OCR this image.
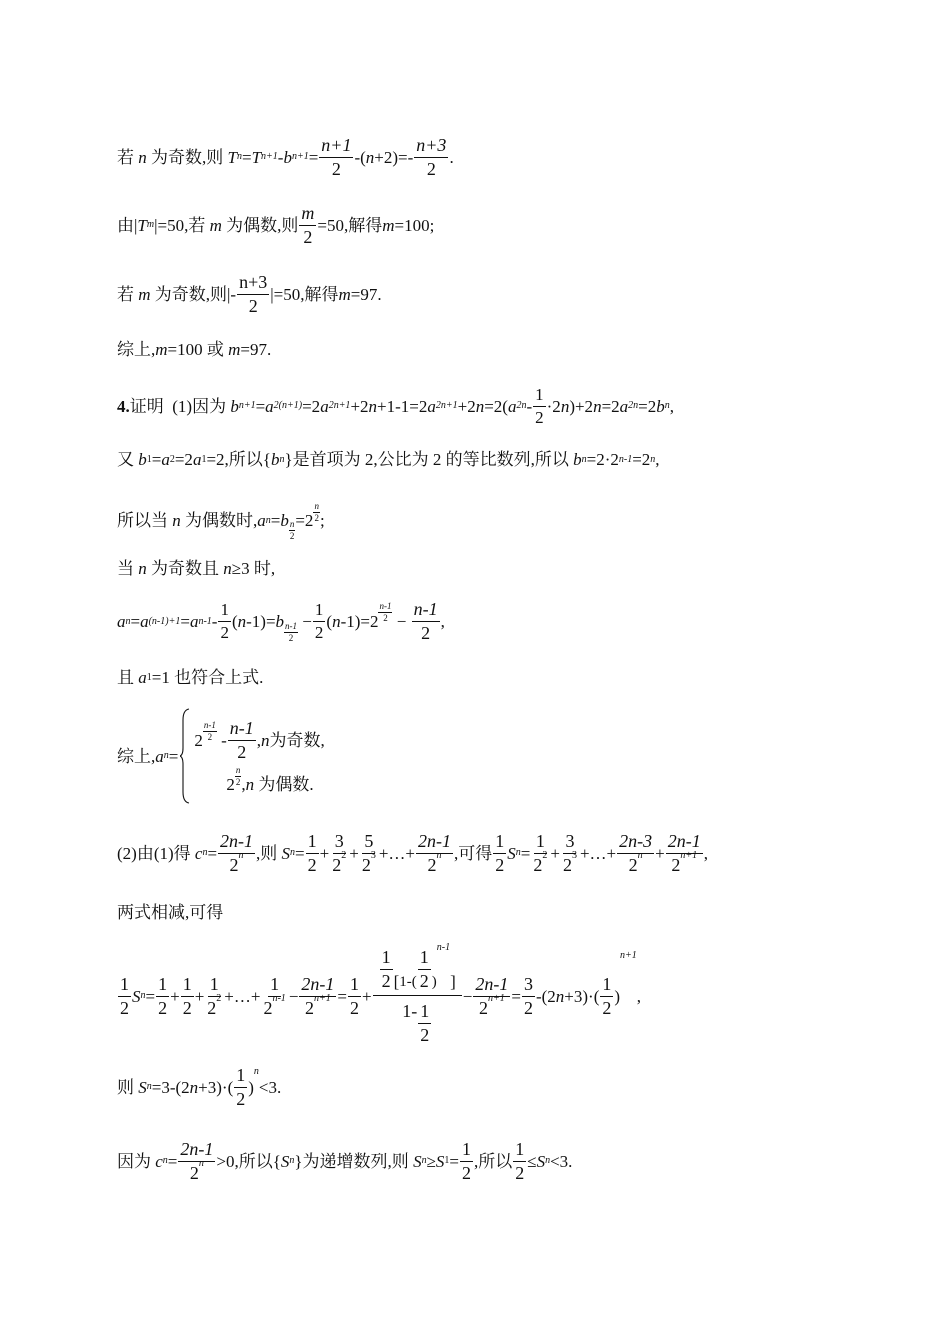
若
n
为奇数,则
T n = T n+1 - b $n+1 = \frac{n+1}{2}$ -( $n +2)=- \frac{n+3}{2}$ .
由| T m |=50,若
m
为偶数,则 $\frac{m}{2} =50$,解得 m =100;
若
m
为奇数,则|- $\frac{n+3}{2} |=50$,解得 m =97.
综上, m =100 或
m =97.
4 . 证明
(1)因为
b n+1 = a 2(n+1) =2 a 2n+1 +2 n +1-1=2 a 2n+1 +2 n =2( a $2n - \frac{1}{2} \cdot 2$ n )+2 n =2 a 2n =2 b n ,
又
b 1 = a 2 =2 a 1 =2,所以{ b n }是首项为 2,公比为 2 的等比数列,所以
b n =2·2 n-1 =2 n ,
所以当
n
为偶数时, a n = b $\frac{n}{2} =2 \frac{n}{2}$ ;
当
n
为奇数且
n ≥3 时,
a n = a (n-1)+1 = a $n-1 - \frac{1}{2}$ ( n -1)= b
$\frac{n-1}{2}$

− $\frac{1}{2}$ ( n $-1)=2 \frac{n-1}{2}$
−
$\frac{n-1}{2}$ ,
且
a 1 =1 也符合上式.
综上, a n =
$2 \frac{n-1}{2}$
- $\frac{n-1}{2}$ , n 为奇数,
$2 \frac{n}{2}$ , n
为偶数.
(2)由(1)得
c $n = \frac{2n-1}{2 n}$ ,则
S $n = \frac{1}{2} + \frac{3}{2 2} + \frac{5}{2 3}$ +…+ $\frac{2n-1}{2 n}$ ,可得 $\frac{1}{2}$ S $n = \frac{1}{2 2} + \frac{3}{2 3}$ +…+ $\frac{2n-3}{2 n} + \frac{2n-1}{2 n+1}$ ,
两式相减,可得
$\frac{1}{2}$ S $n = \frac{1}{2} + \frac{1}{2} + \frac{1}{2 2}$ +…+ $\frac{1}{2 n-1} - \frac{2n-1}{2 n+1} = \frac{1}{2} + \frac{1}{2}$ [ $1-( \frac{1}{2}$ )
n-1
]
$1- \frac{1}{2} - \frac{2n-1}{2 n+1} = \frac{3}{2} -(2$ $n +3)\cdot( \frac{1}{2}$ )
n+1
,
则
S n =3-(2 $n +3)\cdot( \frac{1}{2}$ )
n
<3.
因为
c $n = \frac{2n-1}{2 n} >0$,所以{ S n }为递增数列,则
S n ≥ S $1 = \frac{1}{2}$ ,所以 $\frac{1}{2} \le S$ n <3.
